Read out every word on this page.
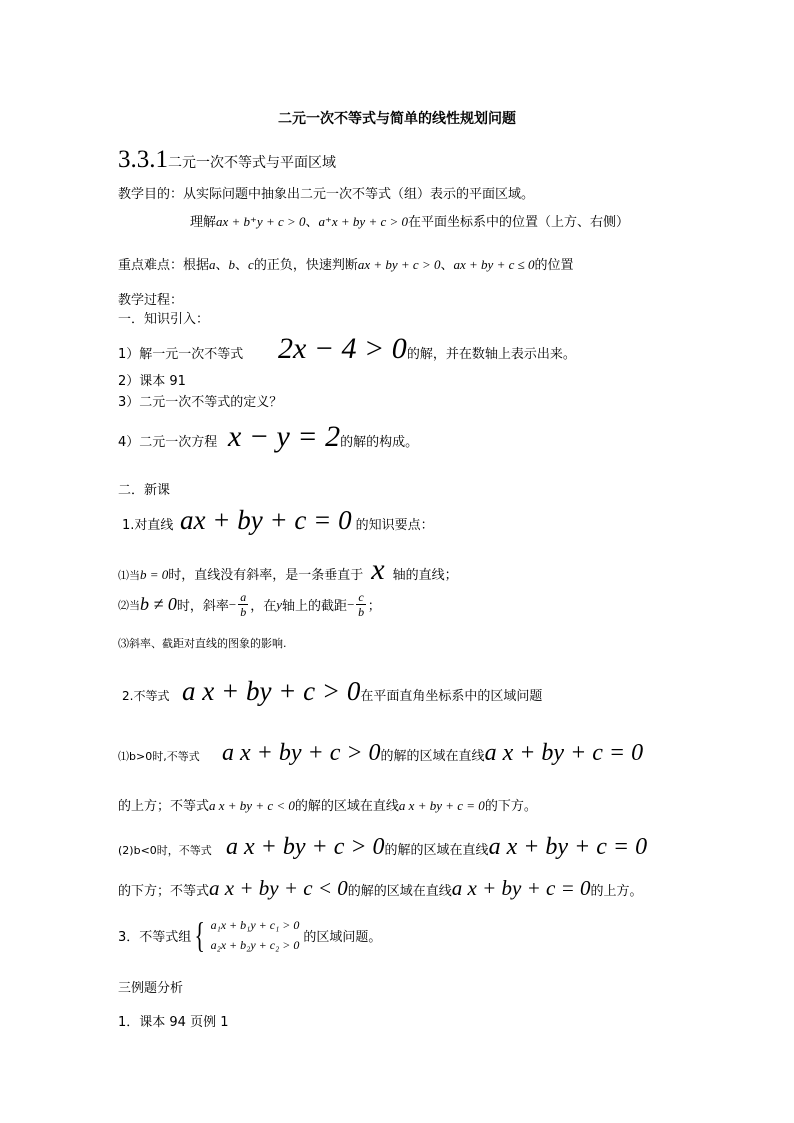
二元一次不等式与简单的线性规划问题
3.3.1 二元一次不等式与平面区域
教学目的：从实际问题中抽象出二元一次不等式（组）表示的平面区域。
理解 ax + b⁺y + c > 0 、 a⁺x + by + c > 0 在平面坐标系中的位置（上方、右侧）
重点难点：根据 a 、 b 、 c 的正负，快速判断 ax + by + c > 0 、 ax + by + c ≤ 0 的位置
教学过程：
一．知识引入：
1）解一元一次不等式	2x − 4 > 0 的解，并在数轴上表示出来。
2）课本 91
3）二元一次不等式的定义？
4）二元一次方程 x − y = 2 的解的构成。
二．新课
1.对直线 ax + by + c = 0 的知识要点：
⑴当 b = 0 时，直线没有斜率，是一条垂直于 x 轴的直线；
⑵当 b ≠ 0 时，斜率 − $\frac{a}{b}$ ，在 y 轴上的截距 − $\frac{c}{b}$ ；
⑶斜率、截距对直线的图象的影响.
2.不等式 a x + by + c > 0 在平面直角坐标系中的区域问题
⑴b>0时,不等式 a x + by + c > 0 的解的区域在直线 a x + by + c = 0
的上方；不等式 a x + by + c < 0 的解的区域在直线 a x + by + c = 0 的下方。
(2)b<0时，不等式 a x + by + c > 0 的解的区域在直线 a x + by + c = 0
的下方；不等式 a x + by + c < 0 的解的区域在直线 a x + by + c = 0 的上方。
3．不等式组 { a₁x + b₁y + c₁ > 0
a₂x + b₂y + c₂ > 0
的区域问题。
三例题分析
1．课本 94 页例 1
